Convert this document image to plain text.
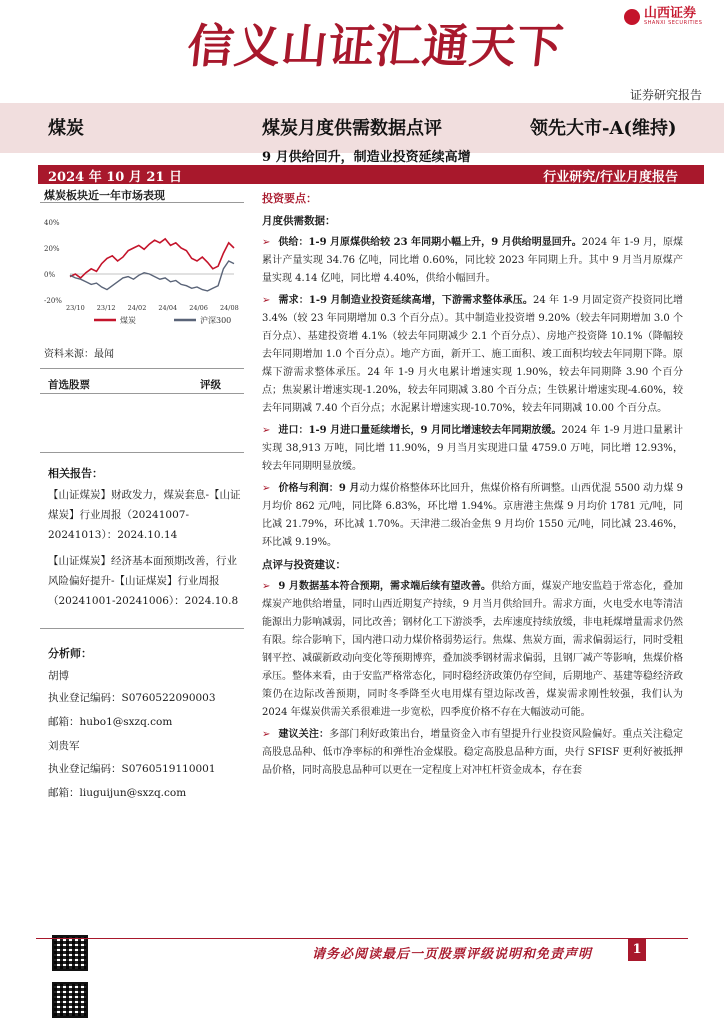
信义山证汇通天下
山西证券
SHANXI SECURITIES
证券研究报告
煤炭	煤炭月度供需数据点评	领先大市-A(维持)
9 月供给回升，制造业投资延续高增
2024 年 10 月 21 日	行业研究/行业月度报告
煤炭板块近一年市场表现
40%
20%
0%
-20%
23/10 23/12 24/02 24/04 24/06 24/08
煤炭	沪深300
资料来源：最闻
首选股票	评级
相关报告：
【山证煤炭】财政发力，煤炭套息-【山证煤炭】行业周报（20241007-20241013）：2024.10.14
【山证煤炭】经济基本面预期改善，行业风险偏好提升-【山证煤炭】行业周报（20241001-20241006）：2024.10.8
分析师：
胡博
执业登记编码：S0760522090003
邮箱：hubo1@sxzq.com
刘贵军
执业登记编码：S0760519110001
邮箱：liuguijun@sxzq.com

投资要点：

月度供需数据：

➢ 供给：1-9 月原煤供给较 23 年同期小幅上升，9 月供给明显回升。2024 年 1-9 月，原煤累计产量实现 34.76 亿吨，同比增 0.60%，同比较 2023 年同期上升。其中 9 月当月原煤产量实现 4.14 亿吨，同比增 4.40%，供给小幅回升。

➢ 需求：1-9 月制造业投资延续高增，下游需求整体承压。24 年 1-9 月固定资产投资同比增 3.4%（较 23 年同期增加 0.3 个百分点）。其中制造业投资增 9.20%（较去年同期增加 3.0 个百分点）、基建投资增 4.1%（较去年同期减少 2.1 个百分点）、房地产投资降 10.1%（降幅较去年同期增加 1.0 个百分点）。地产方面，新开工、施工面积、竣工面积均较去年同期下降。原煤下游需求整体承压。24 年 1-9 月火电累计增速实现 1.90%，较去年同期降 3.90 个百分点；焦炭累计增速实现-1.20%，较去年同期减 3.80 个百分点；生铁累计增速实现-4.60%，较去年同期减 7.40 个百分点；水泥累计增速实现-10.70%，较去年同期减 10.00 个百分点。

➢ 进口：1-9 月进口量延续增长，9 月同比增速较去年同期放缓。2024 年 1-9 月进口量累计实现 38,913 万吨，同比增 11.90%，9 月当月实现进口量 4759.0 万吨，同比增 12.93%，较去年同期明显放缓。

➢ 价格与利润：9 月动力煤价格整体环比回升，焦煤价格有所调整。山西优混 5500 动力煤 9 月均价 862 元/吨，同比降 6.83%，环比增 1.94%。京唐港主焦煤 9 月均价 1781 元/吨，同比减 21.79%，环比减 1.70%。天津港二级冶金焦 9 月均价 1550 元/吨，同比减 23.46%，环比减 9.19%。

点评与投资建议：

➢ 9 月数据基本符合预期，需求端后续有望改善。供给方面，煤炭产地安监趋于常态化，叠加煤炭产地供给增量，同时山西近期复产持续，9 月当月供给回升。需求方面，火电受水电等清洁能源出力影响减弱，同比改善；钢材化工下游淡季，去库速度持续放缓，非电耗煤增量需求仍然有限。综合影响下，国内港口动力煤价格弱势运行。焦煤、焦炭方面，需求偏弱运行，同时受粗钢平控、减碳新政动向变化等预期博弈，叠加淡季钢材需求偏弱，且钢厂减产等影响，焦煤价格承压。整体来看，由于安监严格常态化，同时稳经济政策仍存空间，后期地产、基建等稳经济政策仍在边际改善预期，同时冬季降至火电用煤有望边际改善，煤炭需求刚性较强，我们认为 2024 年煤炭供需关系很难进一步宽松，四季度价格不存在大幅波动可能。

➢ 建议关注：多部门利好政策出台，增量资金入市有望提升行业投资风险偏好。重点关注稳定高股息品种、低市净率标的和弹性冶金煤股。稳定高股息品种方面，央行 SFISF 更利好被抵押品价格，同时高股息品种可以更在一定程度上对冲杠杆资金成本，存在套

请务必阅读最后一页股票评级说明和免责声明	1
